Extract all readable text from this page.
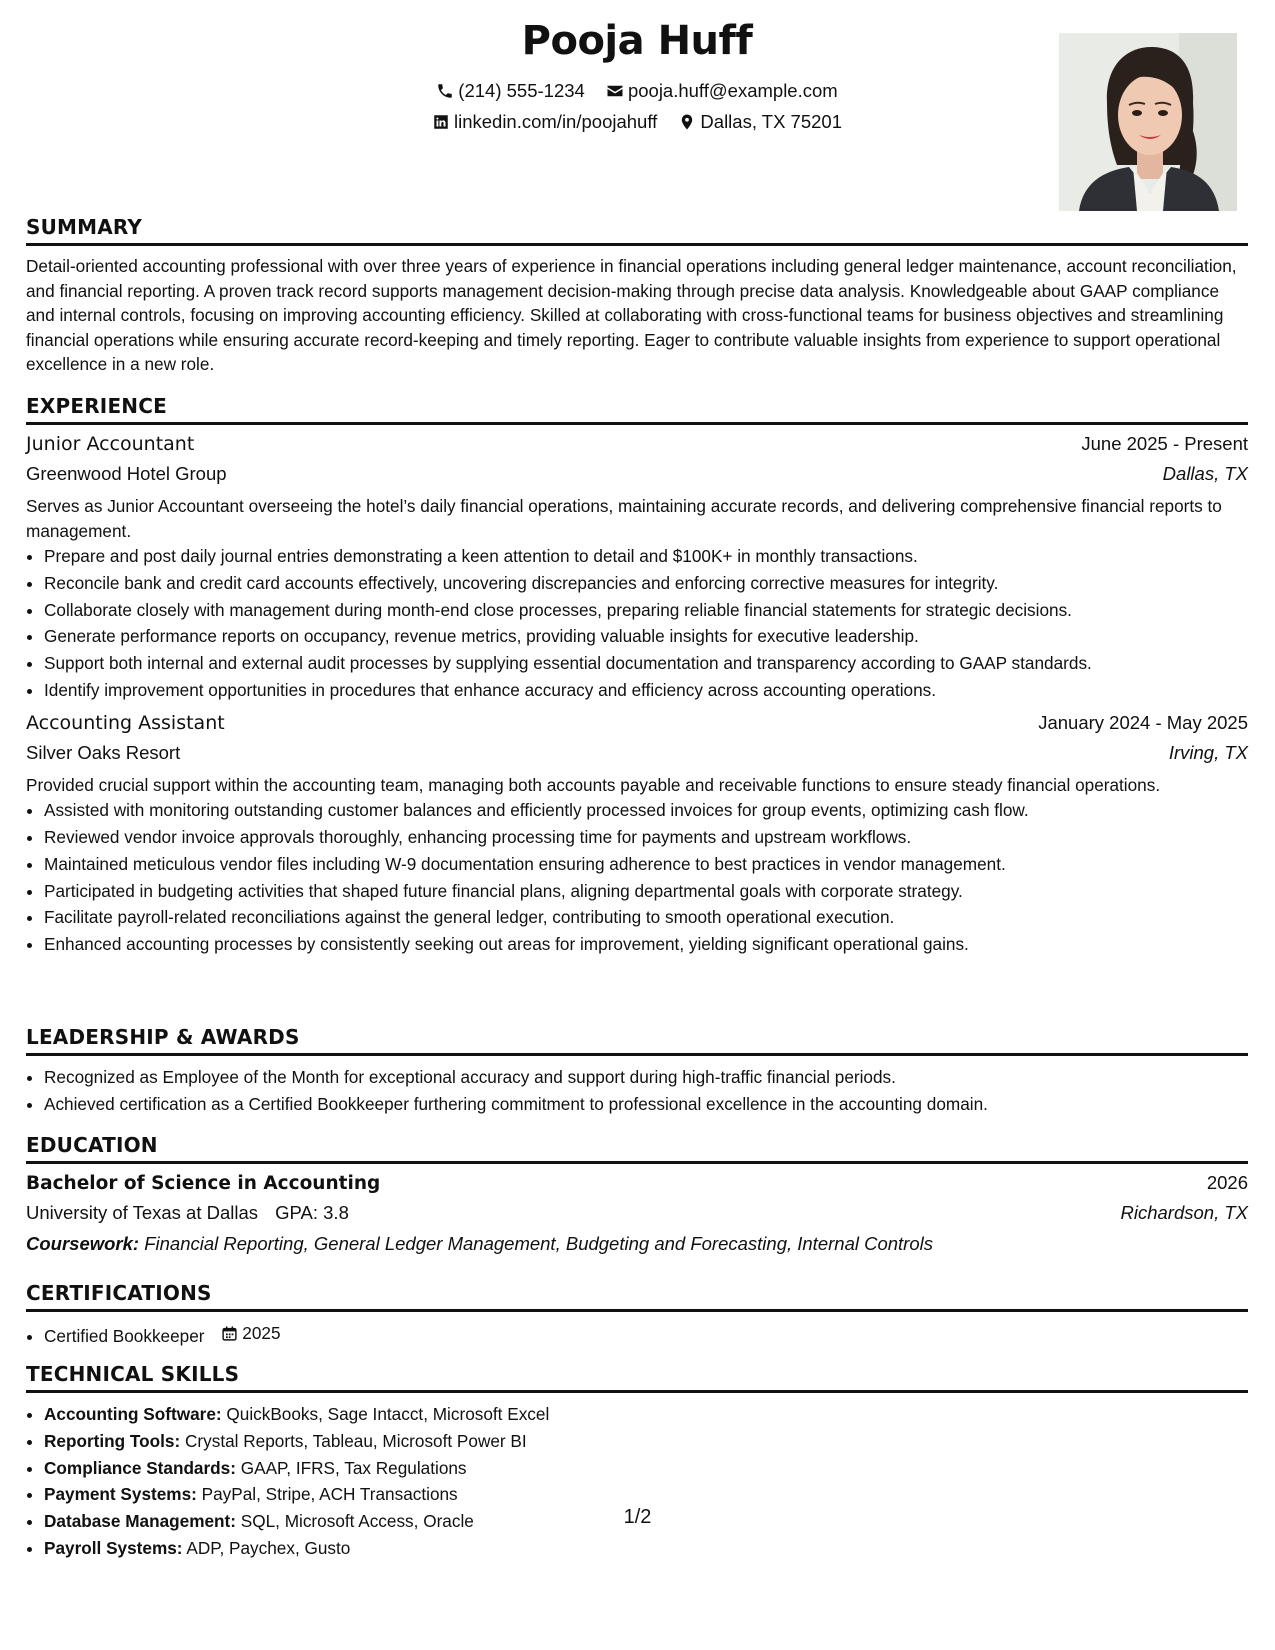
Pooja Huff
(214) 555-1234
pooja.huff@example.com
linkedin.com/in/poojahuff
Dallas, TX 75201
SUMMARY

Detail-oriented accounting professional with over three years of experience in financial operations including general ledger maintenance, account reconciliation, and financial reporting. A proven track record supports management decision-making through precise data analysis. Knowledgeable about GAAP compliance and internal controls, focusing on improving accounting efficiency. Skilled at collaborating with cross-functional teams for business objectives and streamlining financial operations while ensuring accurate record-keeping and timely reporting. Eager to contribute valuable insights from experience to support operational excellence in a new role.

EXPERIENCE
Junior Accountant	June 2025 - Present
Greenwood Hotel Group	Dallas, TX

Serves as Junior Accountant overseeing the hotel’s daily financial operations, maintaining accurate records, and delivering comprehensive financial reports to management.

• Prepare and post daily journal entries demonstrating a keen attention to detail and $100K+ in monthly transactions.
• Reconcile bank and credit card accounts effectively, uncovering discrepancies and enforcing corrective measures for integrity.
• Collaborate closely with management during month-end close processes, preparing reliable financial statements for strategic decisions.
• Generate performance reports on occupancy, revenue metrics, providing valuable insights for executive leadership.
• Support both internal and external audit processes by supplying essential documentation and transparency according to GAAP standards.
• Identify improvement opportunities in procedures that enhance accuracy and efficiency across accounting operations.
Accounting Assistant	January 2024 - May 2025
Silver Oaks Resort	Irving, TX

Provided crucial support within the accounting team, managing both accounts payable and receivable functions to ensure steady financial operations.

• Assisted with monitoring outstanding customer balances and efficiently processed invoices for group events, optimizing cash flow.
• Reviewed vendor invoice approvals thoroughly, enhancing processing time for payments and upstream workflows.
• Maintained meticulous vendor files including W-9 documentation ensuring adherence to best practices in vendor management.
• Participated in budgeting activities that shaped future financial plans, aligning departmental goals with corporate strategy.
• Facilitate payroll-related reconciliations against the general ledger, contributing to smooth operational execution.
• Enhanced accounting processes by consistently seeking out areas for improvement, yielding significant operational gains.
LEADERSHIP & AWARDS
• Recognized as Employee of the Month for exceptional accuracy and support during high-traffic financial periods.
• Achieved certification as a Certified Bookkeeper furthering commitment to professional excellence in the accounting domain.
EDUCATION
Bachelor of Science in Accounting	2026
University of Texas at Dallas GPA: 3.8	Richardson, TX
Coursework: Financial Reporting, General Ledger Management, Budgeting and Forecasting, Internal Controls
CERTIFICATIONS
• Certified Bookkeeper 2025
TECHNICAL SKILLS
• Accounting Software: QuickBooks, Sage Intacct, Microsoft Excel
• Reporting Tools: Crystal Reports, Tableau, Microsoft Power BI
• Compliance Standards: GAAP, IFRS, Tax Regulations
• Payment Systems: PayPal, Stripe, ACH Transactions
• Database Management: SQL, Microsoft Access, Oracle
• Payroll Systems: ADP, Paychex, Gusto
1/2
